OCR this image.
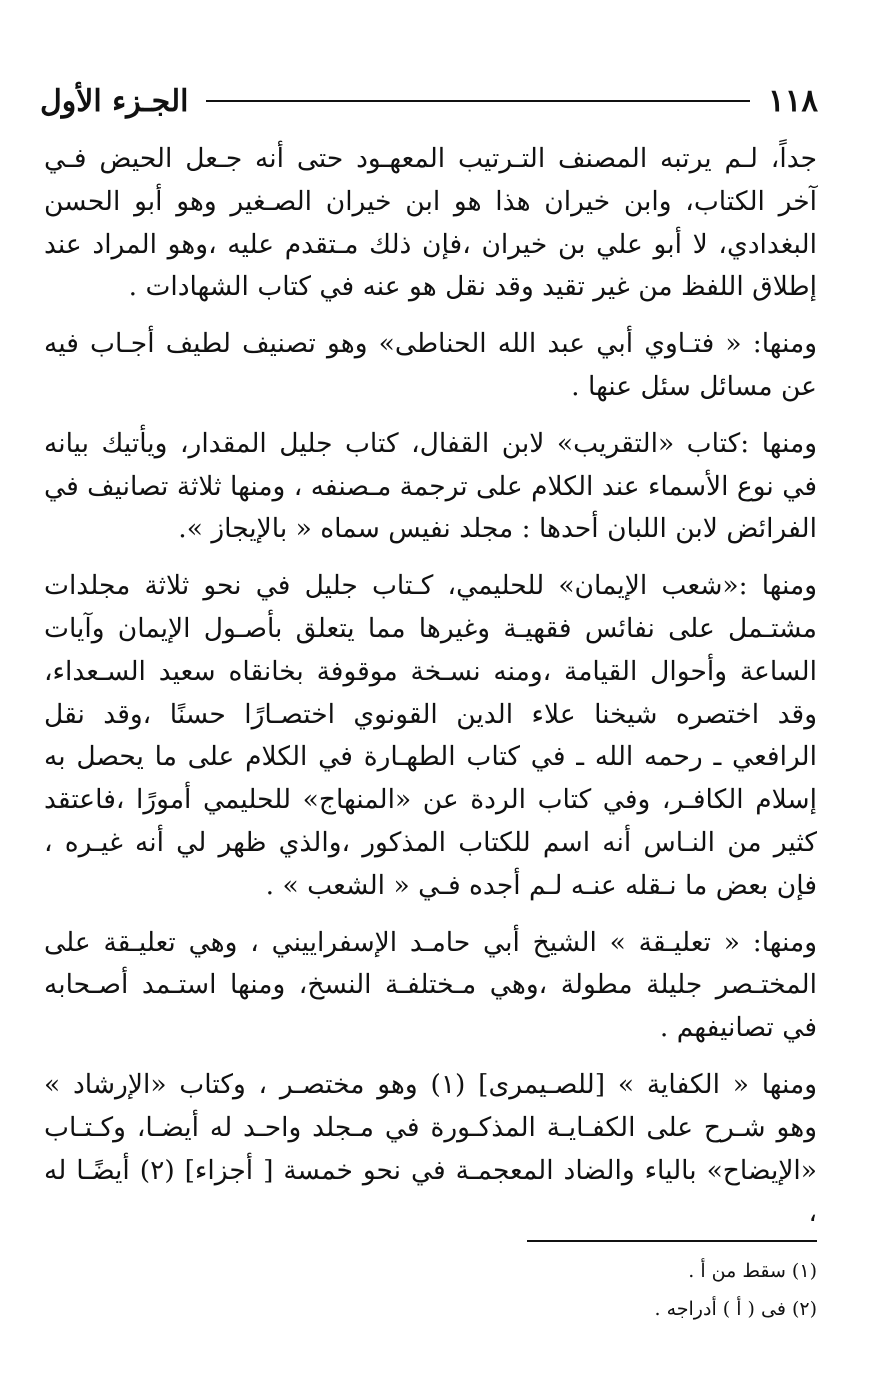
١١٨
الجـزء الأول

جداً، لـم يرتبه المصنف التـرتيب المعهـود حتى أنه جـعل الحيض فـي آخر الكتاب، وابن خيران هذا هو ابن خيران الصـغير وهو أبو الحسن البغدادي، لا أبو علي بن خيران ،فإن ذلك مـتقدم عليه ،وهو المراد عند إطلاق اللفظ من غير تقيد وقد نقل هو عنه في كتاب الشهادات .

ومنها: « فتـاوي أبي عبد الله الحناطى» وهو تصنيف لطيف أجـاب فيه عن مسائل سئل عنها .

ومنها :كتاب «التقريب» لابن القفال، كتاب جليل المقدار، ويأتيك بيانه في نوع الأسماء عند الكلام على ترجمة مـصنفه ، ومنها ثلاثة تصانيف في الفرائض لابن اللبان أحدها : مجلد نفيس سماه « بالإيجاز ».

ومنها :«شعب الإيمان» للحليمي، كـتاب جليل في نحو ثلاثة مجلدات مشتـمل على نفائس فقهيـة وغيرها مما يتعلق بأصـول الإيمان وآيات الساعة وأحوال القيامة ،ومنه نسـخة موقوفة بخانقاه سعيد السـعداء، وقد اختصره شيخنا علاء الدين القونوي اختصـارًا حسنًا ،وقد نقل الرافعي ـ رحمه الله ـ في كتاب الطهـارة في الكلام على ما يحصل به إسلام الكافـر، وفي كتاب الردة عن «المنهاج» للحليمي أمورًا ،فاعتقد كثير من النـاس أنه اسم للكتاب المذكور ،والذي ظهر لي أنه غيـره ، فإن بعض ما نـقله عنـه لـم أجده فـي « الشعب » .

ومنها: « تعليـقة » الشيخ أبي حامـد الإسفراييني ، وهي تعليـقة على المختـصر جليلة مطولة ،وهي مـختلفـة النسخ، ومنها استـمد أصـحابه في تصانيفهم .

ومنها « الكفاية » [للصـيمرى] (١) وهو مختصـر ، وكتاب «الإرشاد » وهو شـرح على الكفـايـة المذكـورة في مـجلد واحـد له أيضـا، وكـتـاب «الإيضاح» بالياء والضاد المعجمـة في نحو خمسة [ أجزاء] (٢) أيضًـا له ،

(١) سقط من أ .
(٢) فى ( أ ) أدراجه .
